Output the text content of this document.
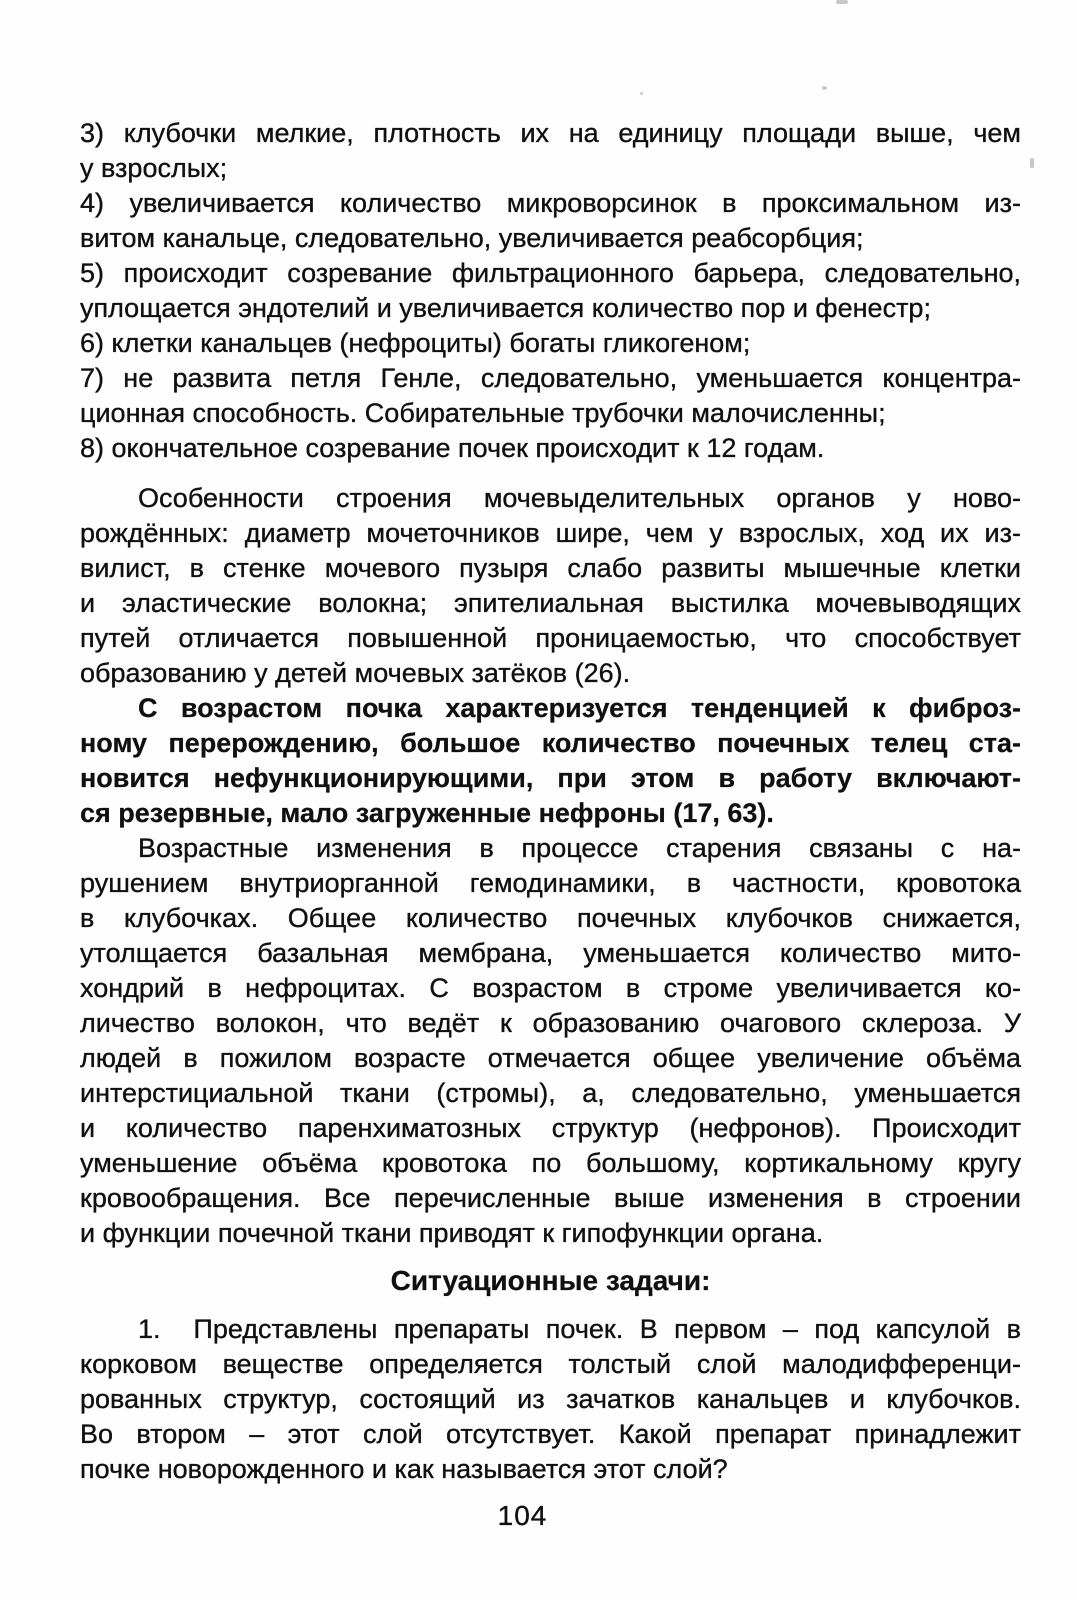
3) клубочки мелкие, плотность их на единицу площади выше, чем
у взрослых;
4) увеличивается количество микроворсинок в проксимальном из-
витом канальце, следовательно, увеличивается реабсорбция;
5) происходит созревание фильтрационного барьера, следовательно,
уплощается эндотелий и увеличивается количество пор и фенестр;
6) клетки канальцев (нефроциты) богаты гликогеном;
7) не развита петля Генле, следовательно, уменьшается концентра-
ционная способность. Собирательные трубочки малочисленны;
8) окончательное созревание почек происходит к 12 годам.
Особенности строения мочевыделительных органов у ново-
рождённых: диаметр мочеточников шире, чем у взрослых, ход их из-
вилист, в стенке мочевого пузыря слабо развиты мышечные клетки
и эластические волокна; эпителиальная выстилка мочевыводящих
путей отличается повышенной проницаемостью, что способствует
образованию у детей мочевых затёков (26).
С возрастом почка характеризуется тенденцией к фиброз-
ному перерождению, большое количество почечных телец ста-
новится нефункционирующими, при этом в работу включают-
ся резервные, мало загруженные нефроны (17, 63).
Возрастные изменения в процессе старения связаны с на-
рушением внутриорганной гемодинамики, в частности, кровотока
в клубочках. Общее количество почечных клубочков снижается,
утолщается базальная мембрана, уменьшается количество мито-
хондрий в нефроцитах. С возрастом в строме увеличивается ко-
личество волокон, что ведёт к образованию очагового склероза. У
людей в пожилом возрасте отмечается общее увеличение объёма
интерстициальной ткани (стромы), а, следовательно, уменьшается
и количество паренхиматозных структур (нефронов). Происходит
уменьшение объёма кровотока по большому, кортикальному кругу
кровообращения. Все перечисленные выше изменения в строении
и функции почечной ткани приводят к гипофункции органа.
Ситуационные задачи:
1.  Представлены препараты почек. В первом – под капсулой в
корковом веществе определяется толстый слой малодифференци-
рованных структур, состоящий из зачатков канальцев и клубочков.
Во втором – этот слой отсутствует. Какой препарат принадлежит
почке новорожденного и как называется этот слой?
104
